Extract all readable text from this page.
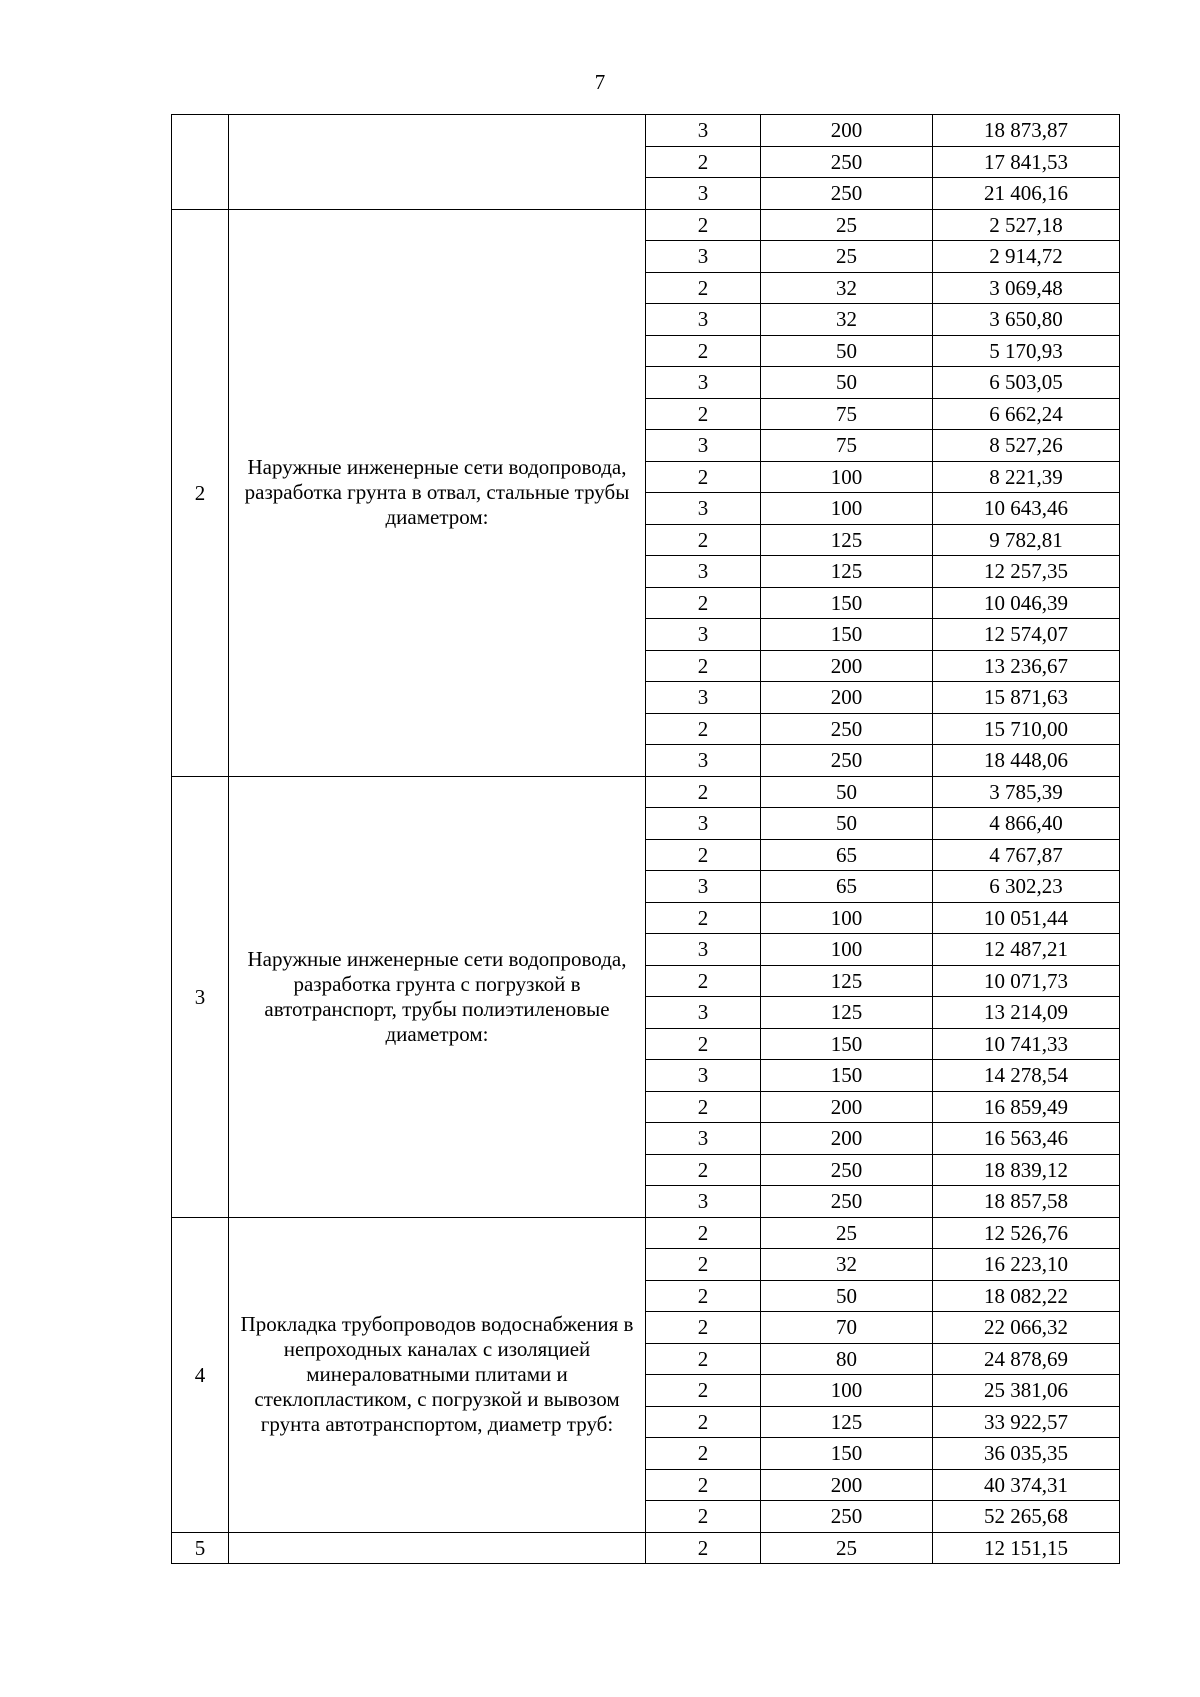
7
		3	200	18 873,87
		2	250	17 841,53
		3	250	21 406,16
2	Наружные инженерные сети водопровода, разработка грунта в отвал, стальные трубы диаметром:	2	25	2 527,18
		3	25	2 914,72
		2	32	3 069,48
		3	32	3 650,80
		2	50	5 170,93
		3	50	6 503,05
		2	75	6 662,24
		3	75	8 527,26
		2	100	8 221,39
		3	100	10 643,46
		2	125	9 782,81
		3	125	12 257,35
		2	150	10 046,39
		3	150	12 574,07
		2	200	13 236,67
		3	200	15 871,63
		2	250	15 710,00
		3	250	18 448,06
3	Наружные инженерные сети водопровода, разработка грунта с погрузкой в автотранспорт, трубы полиэтиленовые диаметром:	2	50	3 785,39
		3	50	4 866,40
		2	65	4 767,87
		3	65	6 302,23
		2	100	10 051,44
		3	100	12 487,21
		2	125	10 071,73
		3	125	13 214,09
		2	150	10 741,33
		3	150	14 278,54
		2	200	16 859,49
		3	200	16 563,46
		2	250	18 839,12
		3	250	18 857,58
4	Прокладка трубопроводов водоснабжения в непроходных каналах с изоляцией минераловатными плитами и стеклопластиком, с погрузкой и вывозом грунта автотранспортом, диаметр труб:	2	25	12 526,76
		2	32	16 223,10
		2	50	18 082,22
		2	70	22 066,32
		2	80	24 878,69
		2	100	25 381,06
		2	125	33 922,57
		2	150	36 035,35
		2	200	40 374,31
		2	250	52 265,68
5		2	25	12 151,15
